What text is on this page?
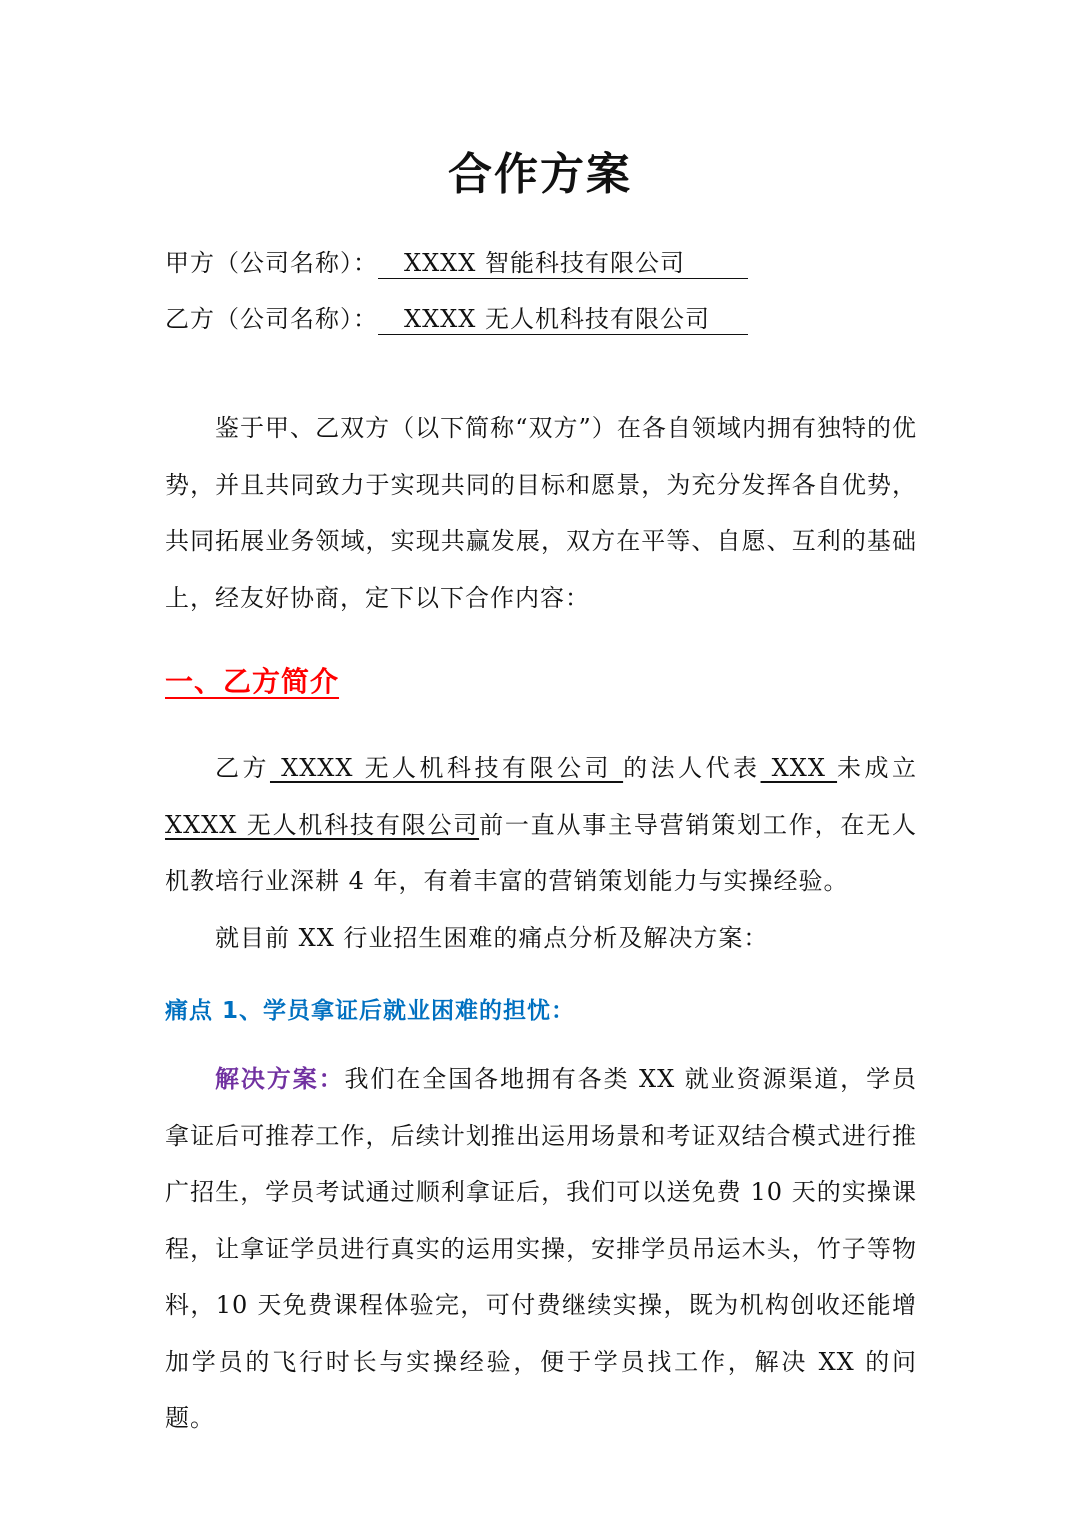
合作方案
甲方（公司名称）： XXXX 智能科技有限公司
乙方（公司名称）： XXXX 无人机科技有限公司
鉴于甲、乙双方（以下简称“双方”）在各自领域内拥有独特的优势，并且共同致力于实现共同的目标和愿景，为充分发挥各自优势，共同拓展业务领域，实现共赢发展，双方在平等、自愿、互利的基础上，经友好协商，定下以下合作内容：
一、乙方简介
乙方 XXXX 无人机科技有限公司 的法人代表 XXX 未成立XXXX 无人机科技有限公司前一直从事主导营销策划工作，在无人机教培行业深耕 4 年，有着丰富的营销策划能力与实操经验。
就目前 XX 行业招生困难的痛点分析及解决方案：
痛点 1、学员拿证后就业困难的担忧：
解决方案：我们在全国各地拥有各类 XX 就业资源渠道，学员拿证后可推荐工作，后续计划推出运用场景和考证双结合模式进行推广招生，学员考试通过顺利拿证后，我们可以送免费 10 天的实操课程，让拿证学员进行真实的运用实操，安排学员吊运木头，竹子等物料，10 天免费课程体验完，可付费继续实操，既为机构创收还能增加学员的飞行时长与实操经验，便于学员找工作，解决 XX 的问题。
